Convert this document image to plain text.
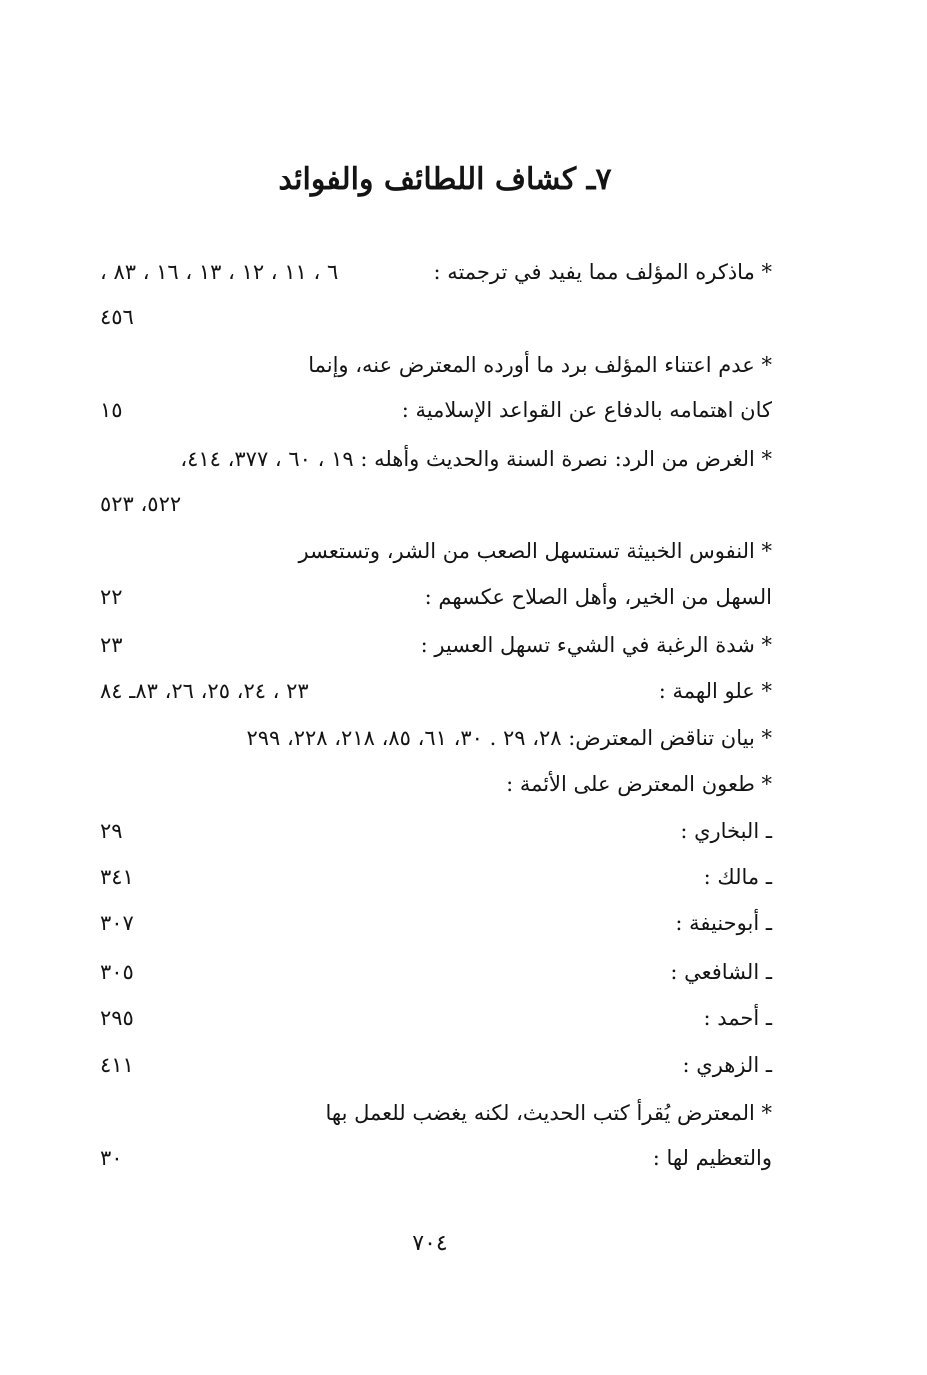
٧ـ كشاف اللطائف والفوائد
* ماذكره المؤلف مما يفيد في ترجمته :
٦ ، ١١ ، ١٢ ، ١٣ ، ١٦ ، ٨٣ ،
٤٥٦
* عدم اعتناء المؤلف برد ما أورده المعترض عنه، وإنما
كان اهتمامه بالدفاع عن القواعد الإسلامية :
١٥
* الغرض من الرد: نصرة السنة والحديث وأهله : ١٩ ، ٦٠ ، ٣٧٧، ٤١٤،
٥٢٢، ٥٢٣
* النفوس الخبيثة تستسهل الصعب من الشر، وتستعسر
السهل من الخير، وأهل الصلاح عكسهم :
٢٢
* شدة الرغبة في الشيء تسهل العسير :
٢٣
* علو الهمة :
٢٣ ، ٢٤، ٢٥، ٢٦، ٨٣ـ ٨٤
* بيان تناقض المعترض: ٢٨، ٢٩ . ٣٠، ٦١، ٨٥، ٢١٨، ٢٢٨، ٢٩٩
* طعون المعترض على الأئمة :
ـ البخاري :
٢٩
ـ مالك :
٣٤١
ـ أبوحنيفة :
٣٠٧
ـ الشافعي :
٣٠٥
ـ أحمد :
٢٩٥
ـ الزهري :
٤١١
* المعترض يُقرأ كتب الحديث، لكنه يغضب للعمل بها
والتعظيم لها :
٣٠
٧٠٤
